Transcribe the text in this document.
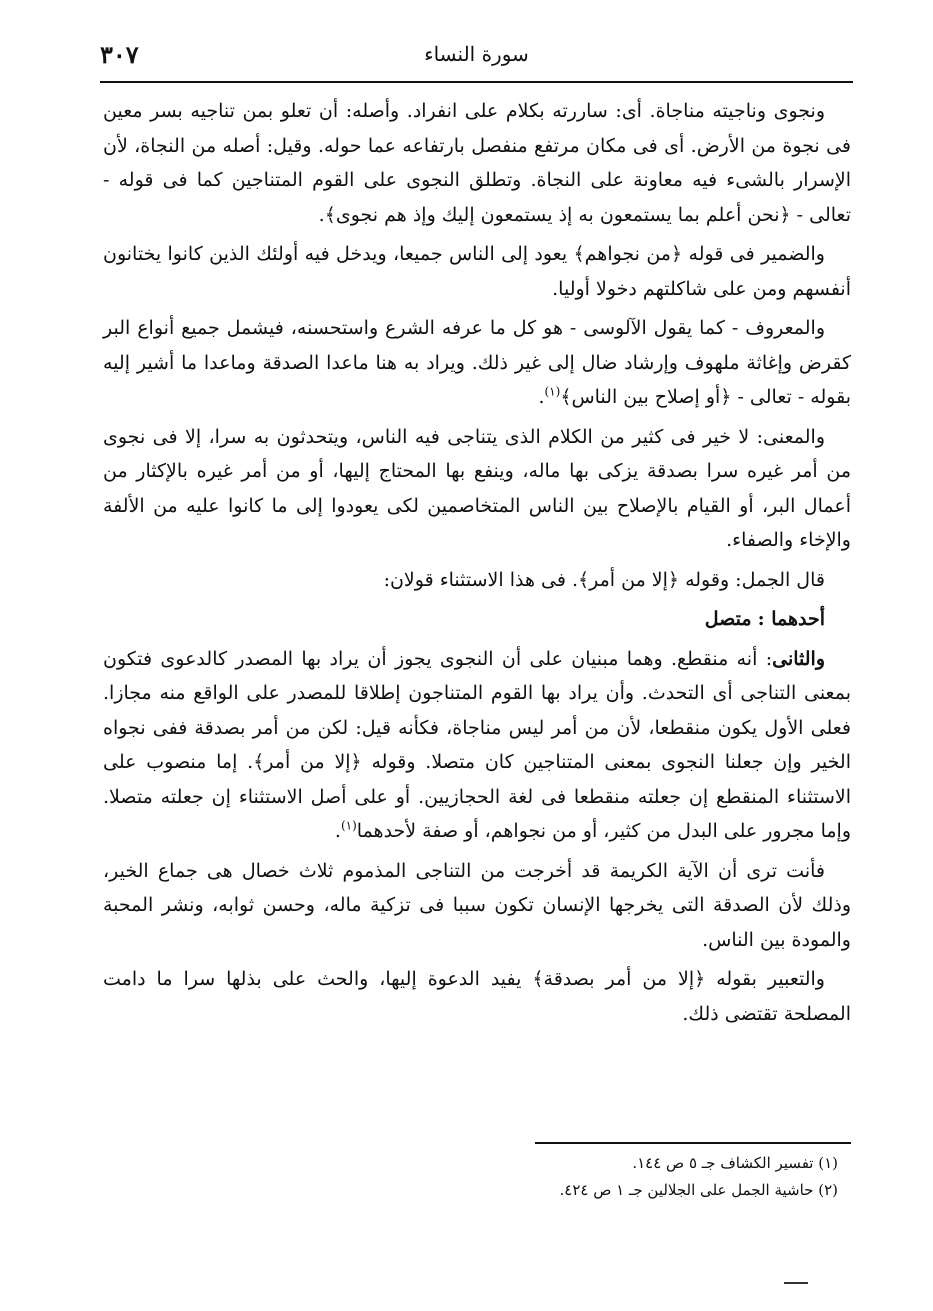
٣٠٧	سورة النساء

ونجوى وناجيته مناجاة. أى: ساررته بكلام على انفراد. وأصله: أن تعلو بمن تناجيه بسر معين فى نجوة من الأرض. أى فى مكان مرتفع منفصل بارتفاعه عما حوله. وقيل: أصله من النجاة، لأن الإسرار بالشىء فيه معاونة على النجاة. وتطلق النجوى على القوم المتناجين كما فى قوله - تعالى - ﴿نحن أعلم بما يستمعون به إذ يستمعون إليك وإذ هم نجوى﴾.

والضمير فى قوله ﴿من نجواهم﴾ يعود إلى الناس جميعا، ويدخل فيه أولئك الذين كانوا يختانون أنفسهم ومن على شاكلتهم دخولا أوليا.

والمعروف - كما يقول الآلوسى - هو كل ما عرفه الشرع واستحسنه، فيشمل جميع أنواع البر كقرض وإغاثة ملهوف وإرشاد ضال إلى غير ذلك. ويراد به هنا ماعدا الصدقة وماعدا ما أشير إليه بقوله - تعالى - ﴿أو إصلاح بين الناس﴾$^{(١)}$.

والمعنى: لا خير فى كثير من الكلام الذى يتناجى فيه الناس، ويتحدثون به سرا، إلا فى نجوى من أمر غيره سرا بصدقة يزكى بها ماله، وينفع بها المحتاج إليها، أو من أمر غيره بالإكثار من أعمال البر، أو القيام بالإصلاح بين الناس المتخاصمين لكى يعودوا إلى ما كانوا عليه من الألفة والإخاء والصفاء.

قال الجمل: وقوله ﴿إلا من أمر﴾. فى هذا الاستثناء قولان:

أحدهما : متصل

والثانى: أنه منقطع. وهما مبنيان على أن النجوى يجوز أن يراد بها المصدر كالدعوى فتكون بمعنى التناجى أى التحدث. وأن يراد بها القوم المتناجون إطلاقا للمصدر على الواقع منه مجازا. فعلى الأول يكون منقطعا، لأن من أمر ليس مناجاة، فكأنه قيل: لكن من أمر بصدقة ففى نجواه الخير وإن جعلنا النجوى بمعنى المتناجين كان متصلا. وقوله ﴿إلا من أمر﴾. إما منصوب على الاستثناء المنقطع إن جعلته منقطعا فى لغة الحجازيين. أو على أصل الاستثناء إن جعلته متصلا. وإما مجرور على البدل من كثير، أو من نجواهم، أو صفة لأحدهما$^{(١)}$.

فأنت ترى أن الآية الكريمة قد أخرجت من التناجى المذموم ثلاث خصال هى جماع الخير، وذلك لأن الصدقة التى يخرجها الإنسان تكون سببا فى تزكية ماله، وحسن ثوابه، ونشر المحبة والمودة بين الناس.

والتعبير بقوله ﴿إلا من أمر بصدقة﴾ يفيد الدعوة إليها، والحث على بذلها سرا ما دامت المصلحة تقتضى ذلك.

(١) تفسير الكشاف جـ ٥ ص ١٤٤.

(٢) حاشية الجمل على الجلالين جـ ١ ص ٤٢٤.
